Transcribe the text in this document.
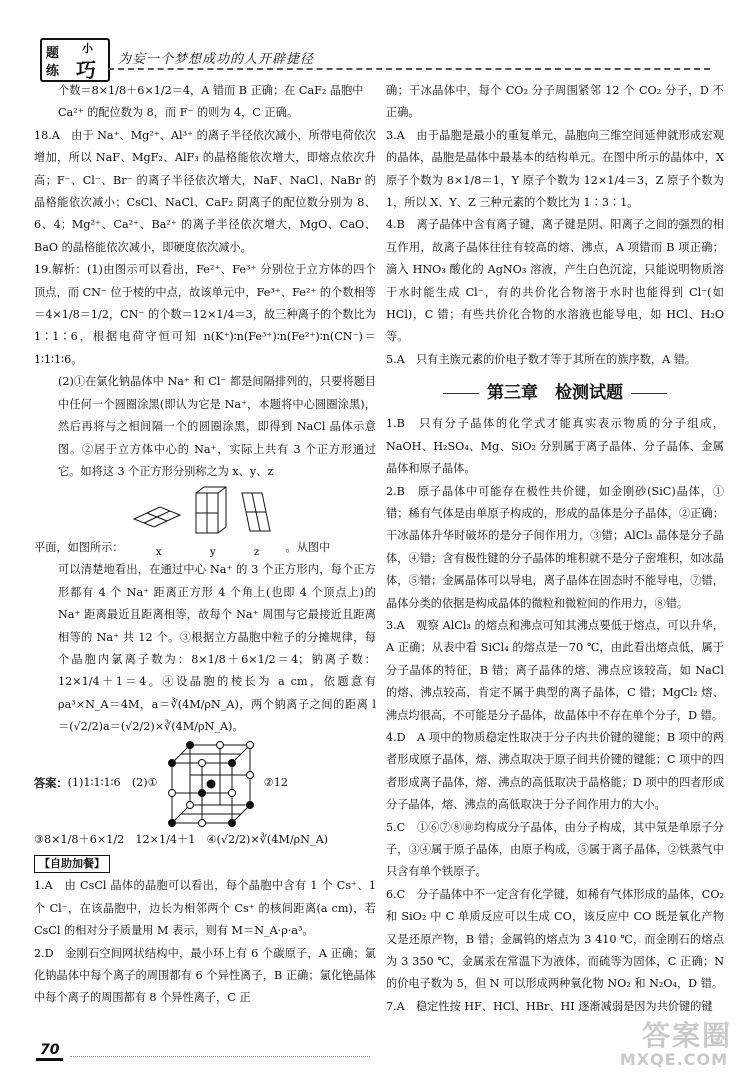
题 小
练 巧 为妄一个梦想成功的人开辟捷径

个数＝8×1/8＋6×1/2＝4，A 错而 B 正确；在 CaF₂ 晶胞中

Ca²⁺ 的配位数为 8，而 F⁻ 的则为 4，C 正确。

18.A　由于 Na⁺、Mg²⁺、Al³⁺ 的离子半径依次减小，所带电荷依次增加，所以 NaF、MgF₂、AlF₃ 的晶格能依次增大，即熔点依次升高；F⁻、Cl⁻、Br⁻ 的离子半径依次增大，NaF、NaCl、NaBr 的晶格能依次减小；CsCl、NaCl、CaF₂ 阴离子的配位数分别为 8、6、4；Mg²⁺、Ca²⁺、Ba²⁺ 的离子半径依次增大，MgO、CaO、BaO 的晶格能依次减小，即硬度依次减小。

19.解析：(1)由图示可以看出，Fe²⁺、Fe³⁺ 分别位于立方体的四个顶点，而 CN⁻ 位于棱的中点，故该单元中，Fe³⁺、Fe²⁺ 的个数相等＝4×1/8＝1/2，CN⁻ 的个数＝12×1/4＝3，故三种离子的个数比为 1∶1∶6，根据电荷守恒可知 n(K⁺)∶n(Fe³⁺)∶n(Fe²⁺)∶n(CN⁻)＝1∶1∶1∶6。

(2)①在氯化钠晶体中 Na⁺ 和 Cl⁻ 都是间隔排列的，只要将题目中任何一个圆圈涂黑(即认为它是 Na⁺，本题将中心圆圈涂黑)，然后再将与之相间隔一个的圆圈涂黑，即得到 NaCl 晶体示意图。②居于立方体中心的 Na⁺，实际上共有 3 个正方形通过它。如将这 3 个正方形分别称之为 x、y、z

平面，如图所示：	x	y	z 。从图中

可以清楚地看出，在通过中心 Na⁺ 的 3 个正方形内，每个正方形都有 4 个 Na⁺ 距离正方形 4 个角上(也即 4 个顶点上)的 Na⁺ 距离最近且距离相等，故每个 Na⁺ 周围与它最接近且距离相等的 Na⁺ 共 12 个。③根据立方晶胞中粒子的分摊规律，每个晶胞内氯离子数为：8×1/8＋6×1/2＝4；钠离子数：12×1/4＋1＝4。④设晶胞的棱长为 a cm，依题意有 ρa³×N_A＝4M，a＝∛(4M/ρN_A)，两个钠离子之间的距离 l＝(√2/2)a＝(√2/2)×∛(4M/ρN_A)。

答案： (1)1∶1∶1∶6　(2)①	②12

③8×1/8＋6×1/2　12×1/4＋1　④(√2/2)×∛(4M/ρN_A)

【自助加餐】

1.A　由 CsCl 晶体的晶胞可以看出，每个晶胞中含有 1 个 Cs⁺、1 个 Cl⁻，在该晶胞中，边长为相邻两个 Cs⁺ 的核间距离(a cm)，若 CsCl 的相对分子质量用 M 表示，则有 M＝N_A·ρ·a³。

2.D　金刚石空间网状结构中，最小环上有 6 个碳原子，A 正确；氯化钠晶体中每个离子的周围都有 6 个异性离子，B 正确；氯化铯晶体中每个离子的周围都有 8 个异性离子，C 正

确；干冰晶体中，每个 CO₂ 分子周围紧邻 12 个 CO₂ 分子，D 不正确。

3.A　由于晶胞是最小的重复单元，晶胞向三维空间延伸就形成宏观的晶体，晶胞是晶体中最基本的结构单元。在图中所示的晶体中，X 原子个数为 8×1/8＝1，Y 原子个数为 12×1/4＝3，Z 原子个数为 1，所以 X、Y、Z 三种元素的个数比为 1∶3∶1。

4.B　离子晶体中含有离子键，离子键是阴、阳离子之间的强烈的相互作用，故离子晶体往往有较高的熔、沸点，A 项错而 B 项正确；滴入 HNO₃ 酸化的 AgNO₃ 溶液，产生白色沉淀，只能说明物质溶于水时能生成 Cl⁻，有的共价化合物溶于水时也能得到 Cl⁻(如 HCl)，C 错；有些共价化合物的水溶液也能导电，如 HCl、H₂O 等。

5.A　只有主族元素的价电子数才等于其所在的族序数，A 错。

第三章　检测试题

1.B　只有分子晶体的化学式才能真实表示物质的分子组成，NaOH、H₂SO₄、Mg、SiO₂ 分别属于离子晶体、分子晶体、金属晶体和原子晶体。

2.B　原子晶体中可能存在极性共价键，如金刚砂(SiC)晶体，①错；稀有气体是由单原子构成的，形成的晶体是分子晶体，②正确；干冰晶体升华时破坏的是分子间作用力，③错；AlCl₃ 晶体是分子晶体，④错；含有极性键的分子晶体的堆积就不是分子密堆积，如冰晶体，⑤错；金属晶体可以导电，离子晶体在固态时不能导电，⑦错，晶体分类的依据是构成晶体的微粒和微粒间的作用力，⑧错。

3.A　观察 AlCl₃ 的熔点和沸点可知其沸点要低于熔点，可以升华，A 正确；从表中看 SiCl₄ 的熔点是－70 ℃，由此看出熔点低，属于分子晶体的特征，B 错；离子晶体的熔、沸点应该较高，如 NaCl 的熔、沸点较高，肯定不属于典型的离子晶体，C 错；MgCl₂ 熔、沸点均很高，不可能是分子晶体，故晶体中不存在单个分子，D 错。

4.D　A 项中的物质稳定性取决于分子内共价键的键能；B 项中的两者形成原子晶体，熔、沸点取决于原子间共价键的键能；C 项中的四者形成离子晶体，熔、沸点的高低取决于晶格能；D 项中的四者形成分子晶体，熔、沸点的高低取决于分子间作用力的大小。

5.C　①⑥⑦⑧⑩均构成分子晶体，由分子构成，其中氖是单原子分子，③④属于原子晶体，由原子构成，⑤属于离子晶体，②铁蒸气中只含有单个铁原子。

6.C　分子晶体中不一定含有化学键，如稀有气体形成的晶体，CO₂ 和 SiO₂ 中 C 单质反应可以生成 CO，该反应中 CO 既是氧化产物又是还原产物，B 错；金属钨的熔点为 3 410 ℃，而金刚石的熔点为 3 350 ℃，金属汞在常温下为液体，而硫等为固体，C 正确；N 的价电子数为 5，但 N 可以形成两种氧化物 NO₂ 和 N₂O₄，D 错。

7.A　稳定性按 HF、HCl、HBr、HI 逐渐减弱是因为共价键的键

70	答案圈
MXQE.COM
